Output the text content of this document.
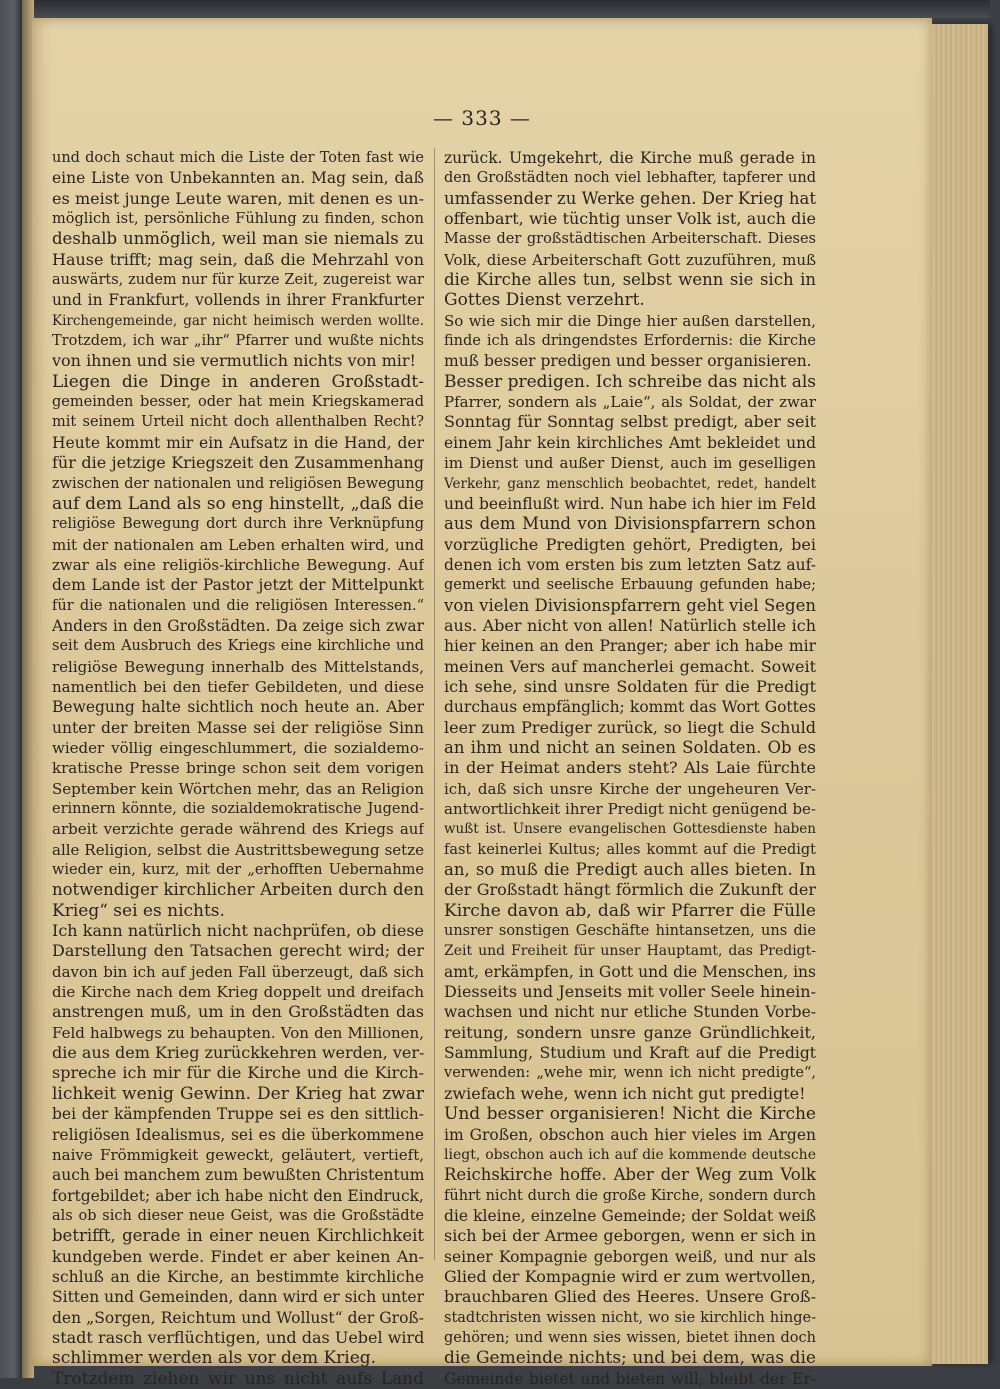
— 333 —
und doch schaut mich die Liste der Toten fast wie
eine Liste von Unbekannten an. Mag sein, daß
es meist junge Leute waren, mit denen es un-
möglich ist, persönliche Fühlung zu finden, schon
deshalb unmöglich, weil man sie niemals zu
Hause trifft; mag sein, daß die Mehrzahl von
auswärts, zudem nur für kurze Zeit, zugereist war
und in Frankfurt, vollends in ihrer Frankfurter
Kirchengemeinde, gar nicht heimisch werden wollte.
Trotzdem, ich war „ihr“ Pfarrer und wußte nichts
von ihnen und sie vermutlich nichts von mir!
Liegen die Dinge in anderen Großstadt-
gemeinden besser, oder hat mein Kriegskamerad
mit seinem Urteil nicht doch allenthalben Recht?
Heute kommt mir ein Aufsatz in die Hand, der
für die jetzige Kriegszeit den Zusammenhang
zwischen der nationalen und religiösen Bewegung
auf dem Land als so eng hinstellt, „daß die
religiöse Bewegung dort durch ihre Verknüpfung
mit der nationalen am Leben erhalten wird, und
zwar als eine religiös-kirchliche Bewegung. Auf
dem Lande ist der Pastor jetzt der Mittelpunkt
für die nationalen und die religiösen Interessen.“
Anders in den Großstädten. Da zeige sich zwar
seit dem Ausbruch des Kriegs eine kirchliche und
religiöse Bewegung innerhalb des Mittelstands,
namentlich bei den tiefer Gebildeten, und diese
Bewegung halte sichtlich noch heute an. Aber
unter der breiten Masse sei der religiöse Sinn
wieder völlig eingeschlummert, die sozialdemo-
kratische Presse bringe schon seit dem vorigen
September kein Wörtchen mehr, das an Religion
erinnern könnte, die sozialdemokratische Jugend-
arbeit verzichte gerade während des Kriegs auf
alle Religion, selbst die Austrittsbewegung setze
wieder ein, kurz, mit der „erhofften Uebernahme
notwendiger kirchlicher Arbeiten durch den
Krieg“ sei es nichts.
Ich kann natürlich nicht nachprüfen, ob diese
Darstellung den Tatsachen gerecht wird; der
davon bin ich auf jeden Fall überzeugt, daß sich
die Kirche nach dem Krieg doppelt und dreifach
anstrengen muß, um in den Großstädten das
Feld halbwegs zu behaupten. Von den Millionen,
die aus dem Krieg zurückkehren werden, ver-
spreche ich mir für die Kirche und die Kirch-
lichkeit wenig Gewinn. Der Krieg hat zwar
bei der kämpfenden Truppe sei es den sittlich-
religiösen Idealismus, sei es die überkommene
naive Frömmigkeit geweckt, geläutert, vertieft,
auch bei manchem zum bewußten Christentum
fortgebildet; aber ich habe nicht den Eindruck,
als ob sich dieser neue Geist, was die Großstädte
betrifft, gerade in einer neuen Kirchlichkeit
kundgeben werde. Findet er aber keinen An-
schluß an die Kirche, an bestimmte kirchliche
Sitten und Gemeinden, dann wird er sich unter
den „Sorgen, Reichtum und Wollust“ der Groß-
stadt rasch verflüchtigen, und das Uebel wird
schlimmer werden als vor dem Krieg.
Trotzdem ziehen wir uns nicht aufs Land
zurück. Umgekehrt, die Kirche muß gerade in
den Großstädten noch viel lebhafter, tapferer und
umfassender zu Werke gehen. Der Krieg hat
offenbart, wie tüchtig unser Volk ist, auch die
Masse der großstädtischen Arbeiterschaft. Dieses
Volk, diese Arbeiterschaft Gott zuzuführen, muß
die Kirche alles tun, selbst wenn sie sich in
Gottes Dienst verzehrt.
So wie sich mir die Dinge hier außen darstellen,
finde ich als dringendstes Erfordernis: die Kirche
muß besser predigen und besser organisieren.
Besser predigen. Ich schreibe das nicht als
Pfarrer, sondern als „Laie“, als Soldat, der zwar
Sonntag für Sonntag selbst predigt, aber seit
einem Jahr kein kirchliches Amt bekleidet und
im Dienst und außer Dienst, auch im geselligen
Verkehr, ganz menschlich beobachtet, redet, handelt
und beeinflußt wird. Nun habe ich hier im Feld
aus dem Mund von Divisionspfarrern schon
vorzügliche Predigten gehört, Predigten, bei
denen ich vom ersten bis zum letzten Satz auf-
gemerkt und seelische Erbauung gefunden habe;
von vielen Divisionspfarrern geht viel Segen
aus. Aber nicht von allen! Natürlich stelle ich
hier keinen an den Pranger; aber ich habe mir
meinen Vers auf mancherlei gemacht. Soweit
ich sehe, sind unsre Soldaten für die Predigt
durchaus empfänglich; kommt das Wort Gottes
leer zum Prediger zurück, so liegt die Schuld
an ihm und nicht an seinen Soldaten. Ob es
in der Heimat anders steht? Als Laie fürchte
ich, daß sich unsre Kirche der ungeheuren Ver-
antwortlichkeit ihrer Predigt nicht genügend be-
wußt ist. Unsere evangelischen Gottesdienste haben
fast keinerlei Kultus; alles kommt auf die Predigt
an, so muß die Predigt auch alles bieten. In
der Großstadt hängt förmlich die Zukunft der
Kirche davon ab, daß wir Pfarrer die Fülle
unsrer sonstigen Geschäfte hintansetzen, uns die
Zeit und Freiheit für unser Hauptamt, das Predigt-
amt, erkämpfen, in Gott und die Menschen, ins
Diesseits und Jenseits mit voller Seele hinein-
wachsen und nicht nur etliche Stunden Vorbe-
reitung, sondern unsre ganze Gründlichkeit,
Sammlung, Studium und Kraft auf die Predigt
verwenden: „wehe mir, wenn ich nicht predigte“,
zwiefach wehe, wenn ich nicht gut predigte!
Und besser organisieren! Nicht die Kirche
im Großen, obschon auch hier vieles im Argen
liegt, obschon auch ich auf die kommende deutsche
Reichskirche hoffe. Aber der Weg zum Volk
führt nicht durch die große Kirche, sondern durch
die kleine, einzelne Gemeinde; der Soldat weiß
sich bei der Armee geborgen, wenn er sich in
seiner Kompagnie geborgen weiß, und nur als
Glied der Kompagnie wird er zum wertvollen,
brauchbaren Glied des Heeres. Unsere Groß-
stadtchristen wissen nicht, wo sie kirchlich hinge-
gehören; und wenn sies wissen, bietet ihnen doch
die Gemeinde nichts; und bei dem, was die
Gemeinde bietet und bieten will, bleibt der Er-
